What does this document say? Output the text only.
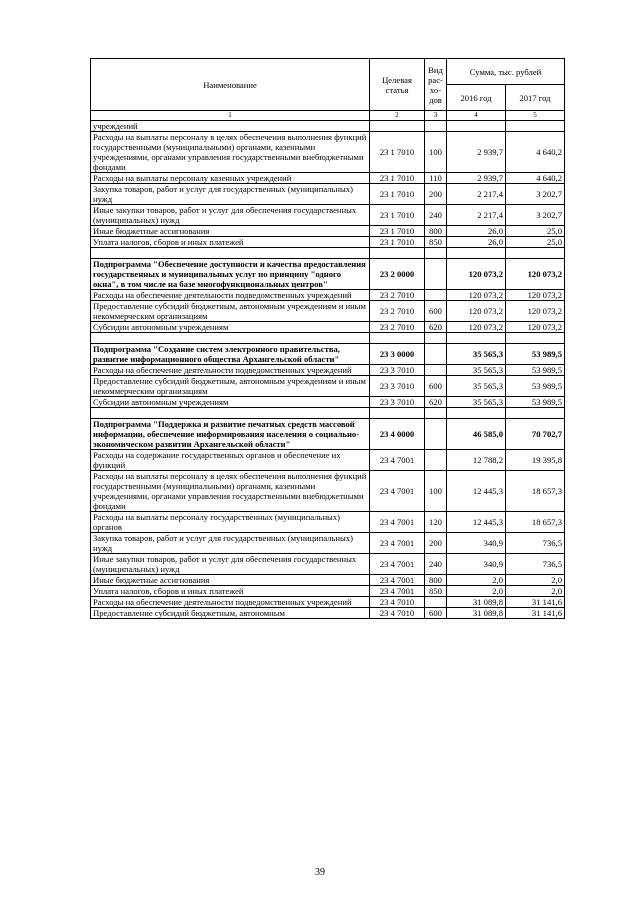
Наименование	Целевая статья	Вид рас-хо-дов	Сумма, тыс. рублей	
			2016 год	2017 год
1	2	3	4	5
учреждений				
Расходы на выплаты персоналу в целях обеспечения выполнения функций государственными (муниципальными) органами, казенными учреждениями, органами управления государственными внебюджетными фондами	23 1 7010	100	2 939,7	4 640,2
Расходы на выплаты персоналу казенных учреждений	23 1 7010	110	2 939,7	4 640,2
Закупка товаров, работ и услуг для государственных (муниципальных) нужд	23 1 7010	200	2 217,4	3 202,7
Иные закупки товаров, работ и услуг для обеспечения государственных (муниципальных) нужд	23 1 7010	240	2 217,4	3 202,7
Иные бюджетные ассигнования	23 1 7010	800	26,0	25,0
Уплата налогов, сборов и иных платежей	23 1 7010	850	26,0	25,0

Подпрограмма "Обеспечение доступности и качества предоставления государственных и муниципальных услуг по принципу "одного окна", в том числе на базе многофункциональных центров"	23 2 0000		120 073,2	120 073,2
Расходы на обеспечение деятельности подведомственных учреждений	23 2 7010		120 073,2	120 073,2
Предоставление субсидий бюджетным, автономным учреждениям и иным некоммерческим организациям	23 2 7010	600	120 073,2	120 073,2
Субсидии автономным учреждениям	23 2 7010	620	120 073,2	120 073,2

Подпрограмма "Создание систем электронного правительства, развитие информационного общества Архангельской области"	23 3 0000		35 565,3	53 989,5
Расходы на обеспечение деятельности подведомственных учреждений	23 3 7010		35 565,3	53 989,5
Предоставление субсидий бюджетным, автономным учреждениям и иным некоммерческим организациям	23 3 7010	600	35 565,3	53 989,5
Субсидии автономным учреждениям	23 3 7010	620	35 565,3	53 989,5

Подпрограмма "Поддержка и развитие печатных средств массовой информации, обеспечение информирования населения о социально-экономическом развитии Архангельской области"	23 4 0000		46 585,0	70 702,7
Расходы на содержание государственных органов и обеспечение их функций	23 4 7001		12 788,2	19 395,8
Расходы на выплаты персоналу в целях обеспечения выполнения функций государственными (муниципальными) органами, казенными учреждениями, органами управления государственными внебюджетными фондами	23 4 7001	100	12 445,3	18 657,3
Расходы на выплаты персоналу государственных (муниципальных) органов	23 4 7001	120	12 445,3	18 657,3
Закупка товаров, работ и услуг для государственных (муниципальных) нужд	23 4 7001	200	340,9	736,5
Иные закупки товаров, работ и услуг для обеспечения государственных (муниципальных) нужд	23 4 7001	240	340,9	736,5
Иные бюджетные ассигнования	23 4 7001	800	2,0	2,0
Уплата налогов, сборов и иных платежей	23 4 7001	850	2,0	2,0
Расходы на обеспечение деятельности подведомственных учреждений	23 4 7010		31 089,8	31 141,6
Предоставление субсидий бюджетным, автономным	23 4 7010	600	31 089,8	31 141,6
39
